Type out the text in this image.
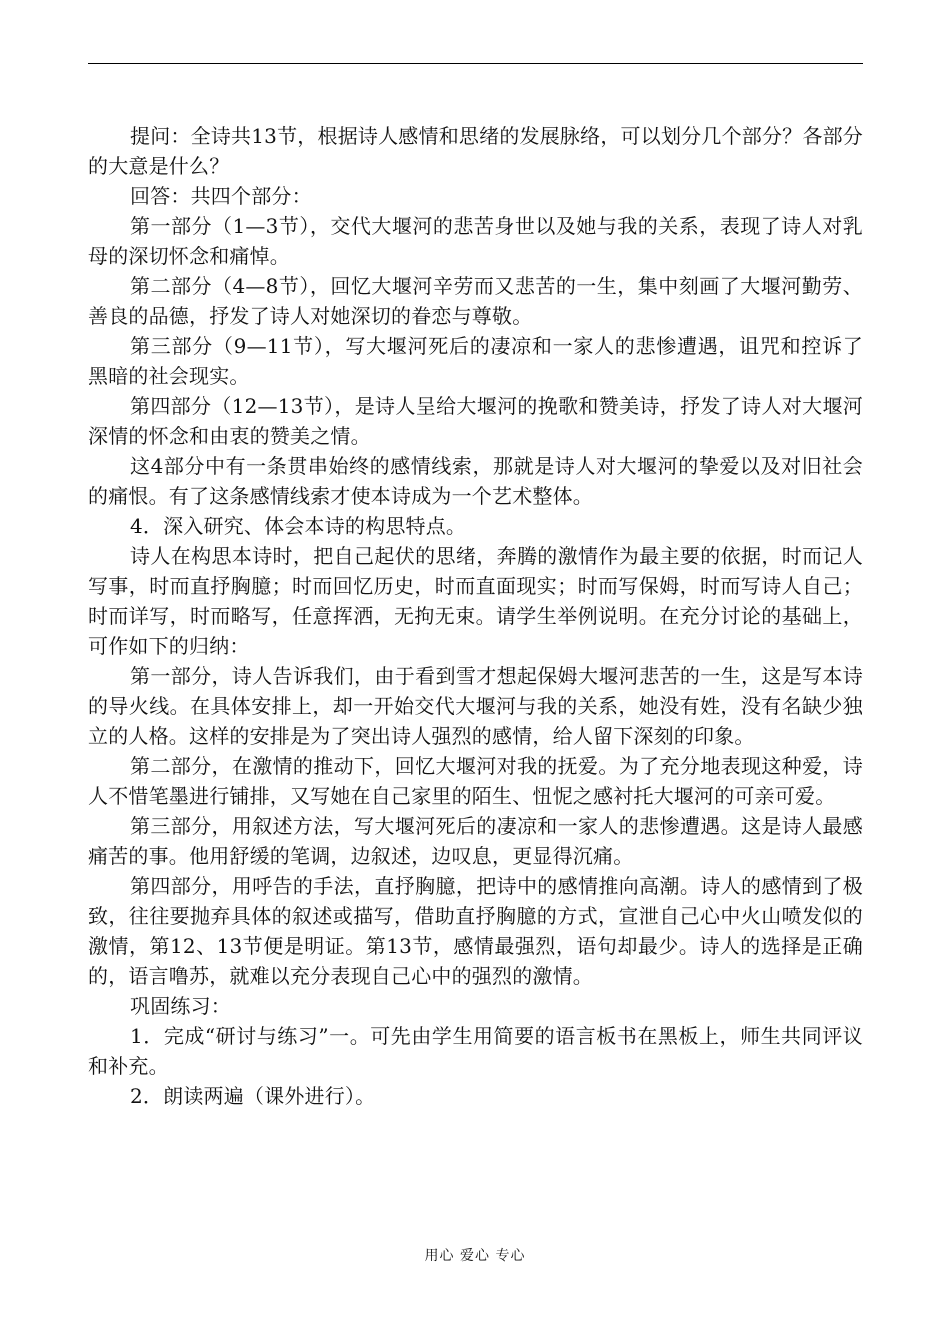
提问：全诗共13节，根据诗人感情和思绪的发展脉络，可以划分几个部分？各部分的大意是什么？

回答：共四个部分：

第一部分（1—3节），交代大堰河的悲苦身世以及她与我的关系，表现了诗人对乳母的深切怀念和痛悼。

第二部分（4—8节），回忆大堰河辛劳而又悲苦的一生，集中刻画了大堰河勤劳、善良的品德，抒发了诗人对她深切的眷恋与尊敬。

第三部分（9—11节），写大堰河死后的凄凉和一家人的悲惨遭遇，诅咒和控诉了黑暗的社会现实。

第四部分（12—13节），是诗人呈给大堰河的挽歌和赞美诗，抒发了诗人对大堰河深情的怀念和由衷的赞美之情。

这4部分中有一条贯串始终的感情线索，那就是诗人对大堰河的挚爱以及对旧社会的痛恨。有了这条感情线索才使本诗成为一个艺术整体。

4．深入研究、体会本诗的构思特点。

诗人在构思本诗时，把自己起伏的思绪，奔腾的激情作为最主要的依据，时而记人写事，时而直抒胸臆；时而回忆历史，时而直面现实；时而写保姆，时而写诗人自己；时而详写，时而略写，任意挥洒，无拘无束。请学生举例说明。在充分讨论的基础上，可作如下的归纳：

第一部分，诗人告诉我们，由于看到雪才想起保姆大堰河悲苦的一生，这是写本诗的导火线。在具体安排上，却一开始交代大堰河与我的关系，她没有姓，没有名缺少独立的人格。这样的安排是为了突出诗人强烈的感情，给人留下深刻的印象。

第二部分，在激情的推动下，回忆大堰河对我的抚爱。为了充分地表现这种爱，诗人不惜笔墨进行铺排，又写她在自己家里的陌生、忸怩之感衬托大堰河的可亲可爱。

第三部分，用叙述方法，写大堰河死后的凄凉和一家人的悲惨遭遇。这是诗人最感痛苦的事。他用舒缓的笔调，边叙述，边叹息，更显得沉痛。

第四部分，用呼告的手法，直抒胸臆，把诗中的感情推向高潮。诗人的感情到了极致，往往要抛弃具体的叙述或描写，借助直抒胸臆的方式，宣泄自己心中火山喷发似的激情，第12、13节便是明证。第13节，感情最强烈，语句却最少。诗人的选择是正确的，语言噜苏，就难以充分表现自己心中的强烈的激情。

巩固练习：

1．完成“研讨与练习”一。可先由学生用简要的语言板书在黑板上，师生共同评议和补充。

2．朗读两遍（课外进行）。

用心 爱心 专心
